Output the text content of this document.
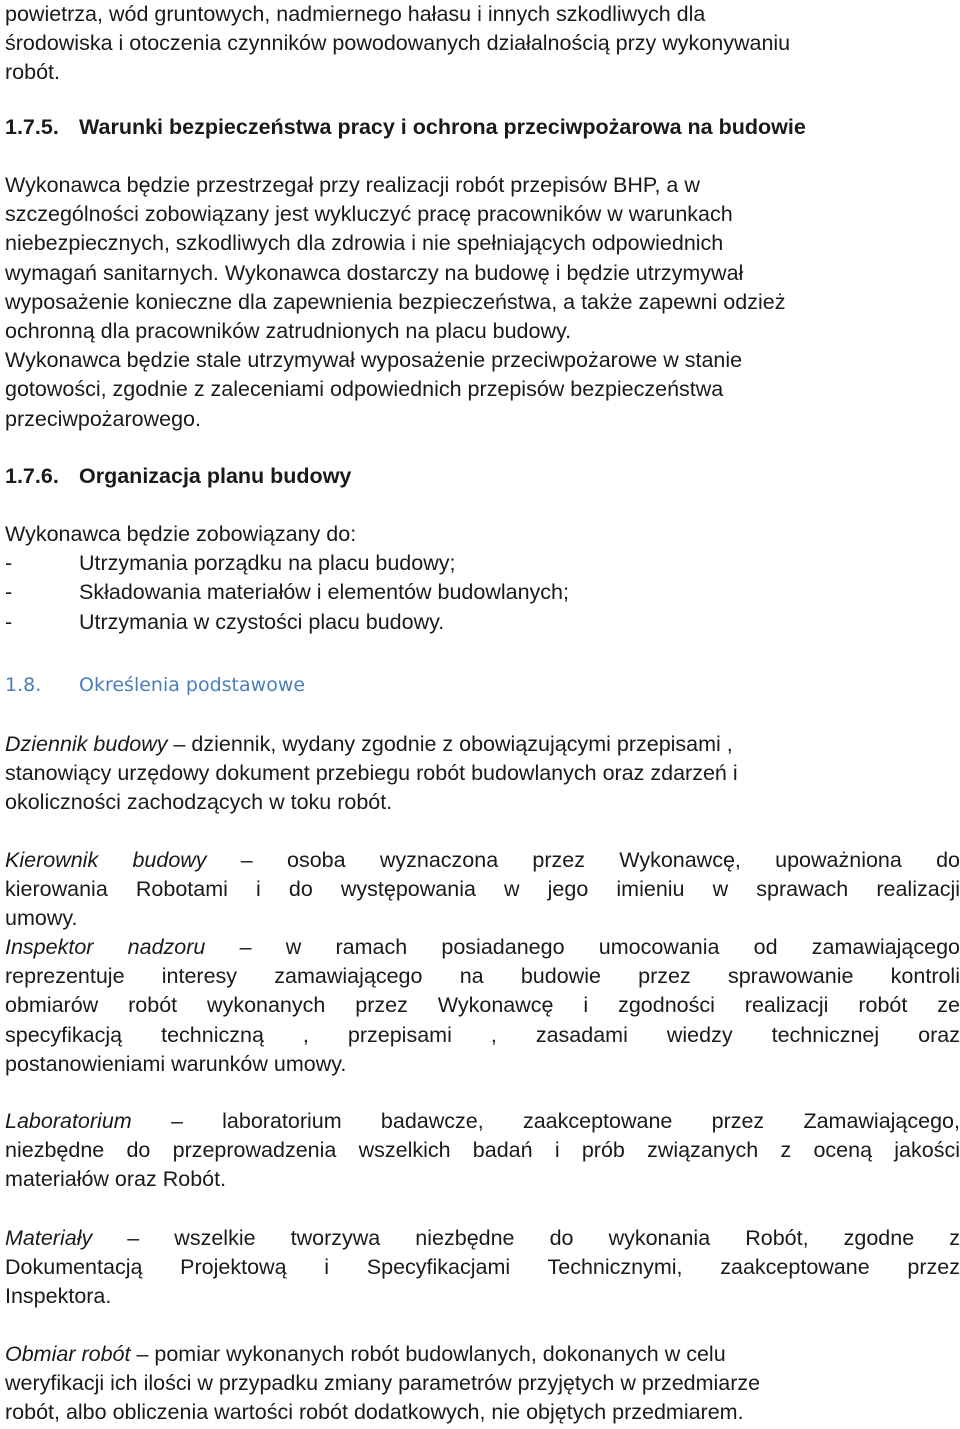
powietrza, wód gruntowych, nadmiernego hałasu i innych szkodliwych dla

środowiska i otoczenia czynników powodowanych działalnością przy wykonywaniu

robót.

1.7.5. Warunki bezpieczeństwa pracy i ochrona przeciwpożarowa na budowie

Wykonawca będzie przestrzegał przy realizacji robót przepisów BHP, a w

szczególności zobowiązany jest wykluczyć pracę pracowników w warunkach

niebezpiecznych, szkodliwych dla zdrowia i nie spełniających odpowiednich

wymagań sanitarnych. Wykonawca dostarczy na budowę i będzie utrzymywał

wyposażenie konieczne dla zapewnienia bezpieczeństwa, a także zapewni odzież

ochronną dla pracowników zatrudnionych na placu budowy.

Wykonawca będzie stale utrzymywał wyposażenie przeciwpożarowe w stanie

gotowości, zgodnie z zaleceniami odpowiednich przepisów bezpieczeństwa

przeciwpożarowego.

1.7.6. Organizacja planu budowy

Wykonawca będzie zobowiązany do:

-	Utrzymania porządku na placu budowy;
-	Składowania materiałów i elementów budowlanych;
-	Utrzymania w czystości placu budowy.

1.8. Określenia podstawowe

Dziennik budowy – dziennik, wydany zgodnie z obowiązującymi przepisami ,

stanowiący urzędowy dokument przebiegu robót budowlanych oraz zdarzeń i

okoliczności zachodzących w toku robót.

Kierownik budowy – osoba wyznaczona przez Wykonawcę, upoważniona do

kierowania Robotami i do występowania w jego imieniu w sprawach realizacji

umowy.

Inspektor nadzoru – w ramach posiadanego umocowania od zamawiającego

reprezentuje interesy zamawiającego na budowie przez sprawowanie kontroli

obmiarów robót wykonanych przez Wykonawcę i zgodności realizacji robót ze

specyfikacją techniczną , przepisami , zasadami wiedzy technicznej oraz

postanowieniami warunków umowy.

Laboratorium – laboratorium badawcze, zaakceptowane przez Zamawiającego,

niezbędne do przeprowadzenia wszelkich badań i prób związanych z oceną jakości

materiałów oraz Robót.

Materiały – wszelkie tworzywa niezbędne do wykonania Robót, zgodne z

Dokumentacją Projektową i Specyfikacjami Technicznymi, zaakceptowane przez

Inspektora.

Obmiar robót – pomiar wykonanych robót budowlanych, dokonanych w celu

weryfikacji ich ilości w przypadku zmiany parametrów przyjętych w przedmiarze

robót, albo obliczenia wartości robót dodatkowych, nie objętych przedmiarem.
